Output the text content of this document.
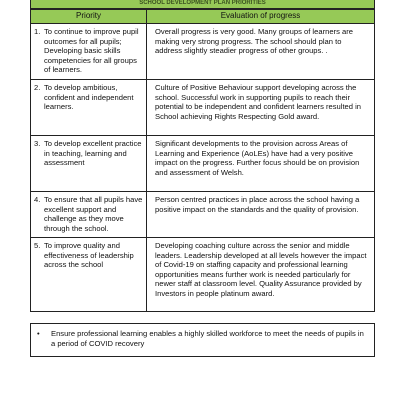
SCHOOL DEVELOPMENT PLAN PRIORITIES
Priority	Evaluation of progress

1. To continue to improve pupil outcomes for all pupils; Developing basic skills competencies for all groups of learners.	Overall progress is very good. Many groups of learners are making very strong progress. The school should plan to address slightly steadier progress of other groups. .

2. To develop ambitious, confident and independent learners.	Culture of Positive Behaviour support developing across the school. Successful work in supporting pupils to reach their potential to be independent and confident learners resulted in School achieving Rights Respecting Gold award.

3. To develop excellent practice in teaching, learning and assessment	Significant developments to the provision across Areas of Learning and Experience (AoLEs) have had a very positive impact on the progress. Further focus should be on provision and assessment of Welsh.

4. To ensure that all pupils have excellent support and challenge as they move through the school.	Person centred practices in place across the school having a positive impact on the standards and the quality of provision.

5. To improve quality and effectiveness of leadership across the school	Developing coaching culture across the senior and middle leaders. Leadership developed at all levels however the impact of Covid-19 on staffing capacity and professional learning opportunities means further work is needed particularly for newer staff at classroom level. Quality Assurance provided by Investors in people platinum award.
•	Ensure professional learning enables a highly skilled workforce to meet the needs of pupils in a period of COVID recovery
